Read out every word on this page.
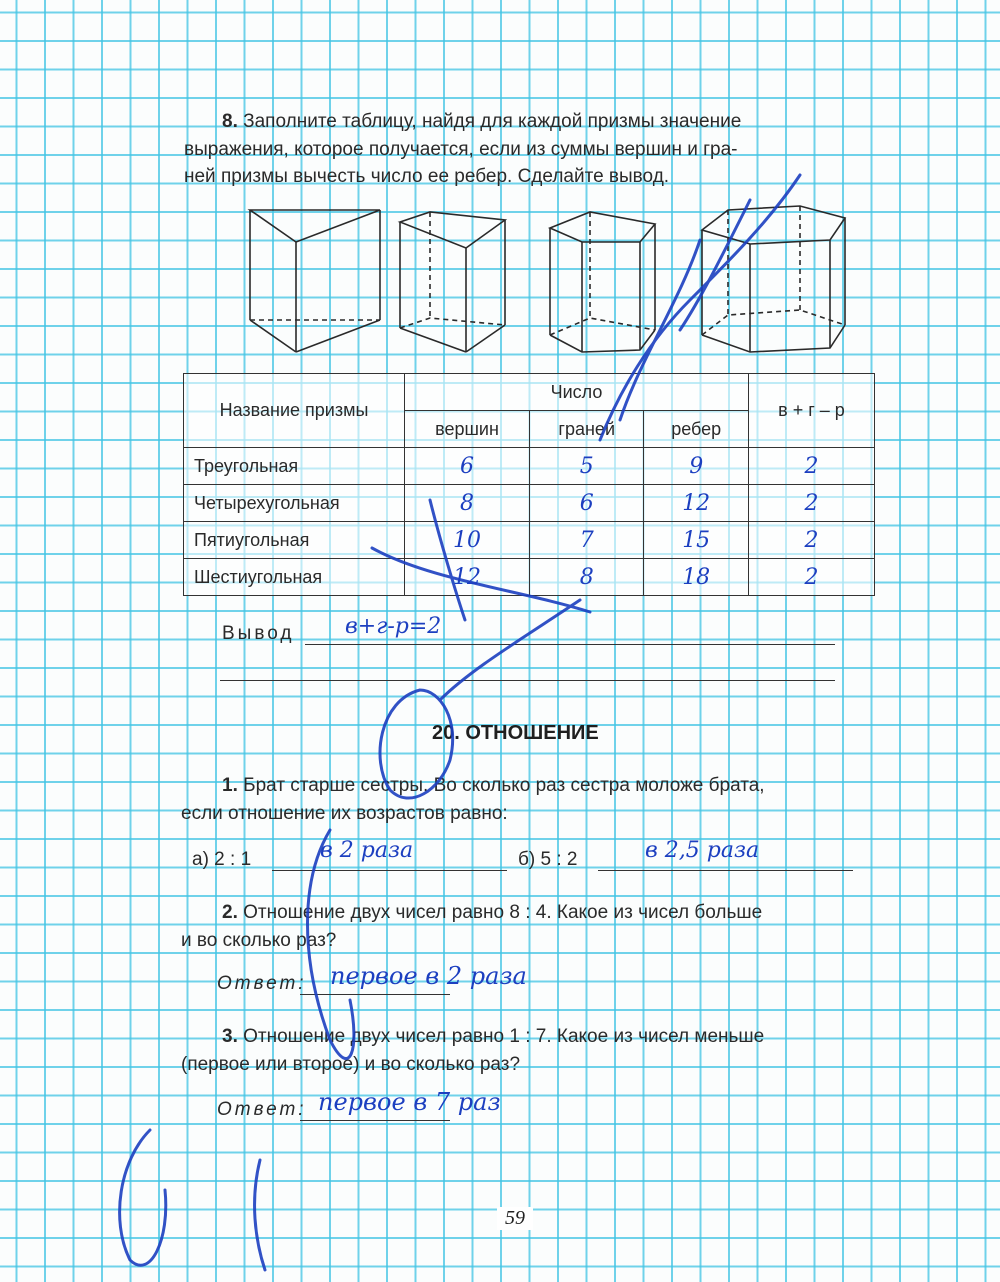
8. Заполните таблицу, найдя для каждой призмы значение
выражения, которое получается, если из суммы вершин и гра-
ней призмы вычесть число ее ребер. Сделайте вывод.
Название призмы	Число			в + г – р
	вершин	граней	ребер	
Треугольная	6	5	9	2
Четырехугольная	8	6	12	2
Пятиугольная	10	7	15	2
Шестиугольная	12	8	18	2
Вывод в+г-р=2
20. ОТНОШЕНИЕ
1. Брат старше сестры. Во сколько раз сестра моложе брата,
если отношение их возрастов равно:
а) 2 : 1	в 2 раза	б) 5 : 2	в 2,5 раза
2. Отношение двух чисел равно 8 : 4. Какое из чисел больше
и во сколько раз?
Ответ: первое в 2 раза
3. Отношение двух чисел равно 1 : 7. Какое из чисел меньше
(первое или второе) и во сколько раз?
Ответ: первое в 7 раз
59
